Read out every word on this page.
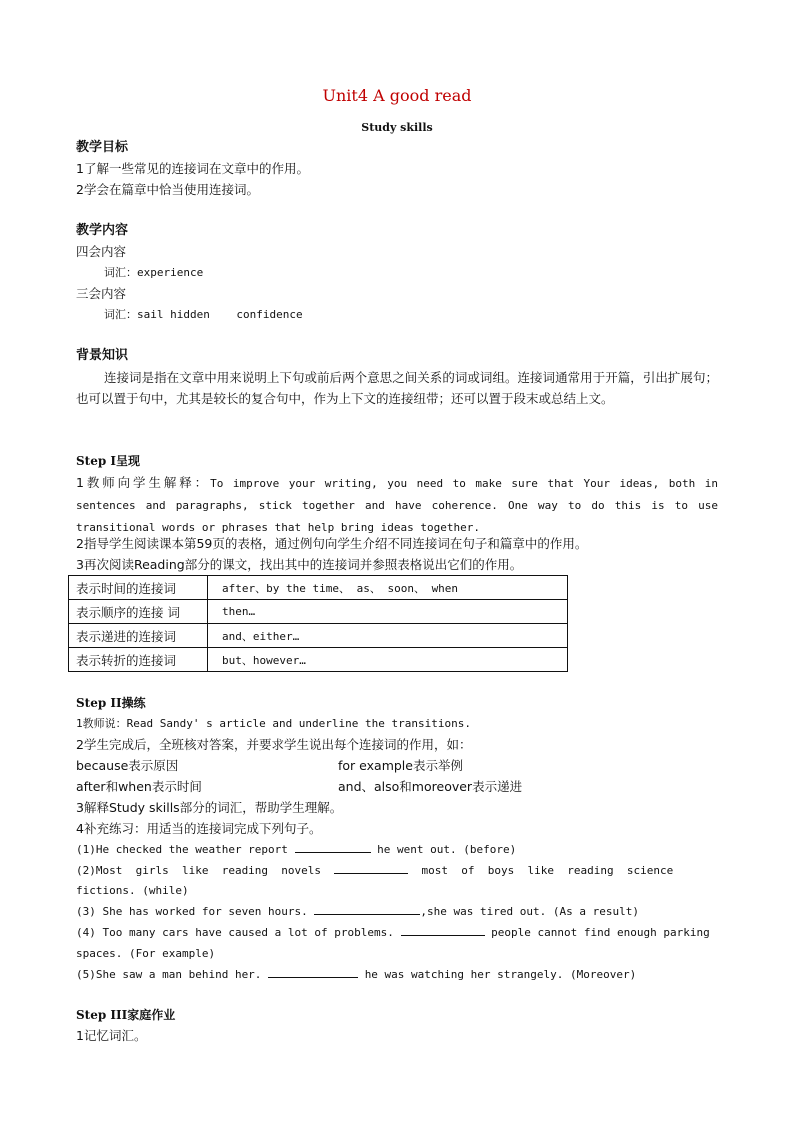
Unit4 A good read
Study skills
教学目标
1了解一些常见的连接词在文章中的作用。
2学会在篇章中恰当使用连接词。
教学内容
四会内容
词汇：experience
三会内容
词汇：sail hidden    confidence
背景知识
连接词是指在文章中用来说明上下句或前后两个意思之间关系的词或词组。连接词通常用于开篇，引出扩展句；也可以置于句中，尤其是较长的复合句中，作为上下文的连接纽带；还可以置于段末或总结上文。
Step I呈现
1教师向学生解释：To improve your writing, you need to make sure that Your ideas, both in sentences and paragraphs, stick together and have coherence. One way to do this is to use transitional words or phrases that help bring ideas together.
2指导学生阅读课本第59页的表格，通过例句向学生介绍不同连接词在句子和篇章中的作用。
3再次阅读Reading部分的课文，找出其中的连接词并参照表格说出它们的作用。
表示时间的连接词	after、by the time、 as、 soon、 when
表示顺序的连接 词	then…
表示递进的连接词	and、either…
表示转折的连接词	but、however…
Step II操练
1教师说：Read Sandy' s article and underline the transitions.
2学生完成后，全班核对答案，并要求学生说出每个连接词的作用，如：
because表示原因	for example表示举例
after和when表示时间	and、also和moreover表示递进
3解释Study skills部分的词汇，帮助学生理解。
4补充练习：用适当的连接词完成下列句子。
(1)He checked the weather report	he went out. (before)
(2)Most  girls  like  reading  novels	most  of  boys  like  reading  science
fictions. (while)
(3) She has worked for seven hours.	,she was tired out. (As a result)
(4) Too many cars have caused a lot of problems.	people cannot find enough parking
spaces. (For example)
(5)She saw a man behind her.	he was watching her strangely. (Moreover)
Step III家庭作业
1记忆词汇。
